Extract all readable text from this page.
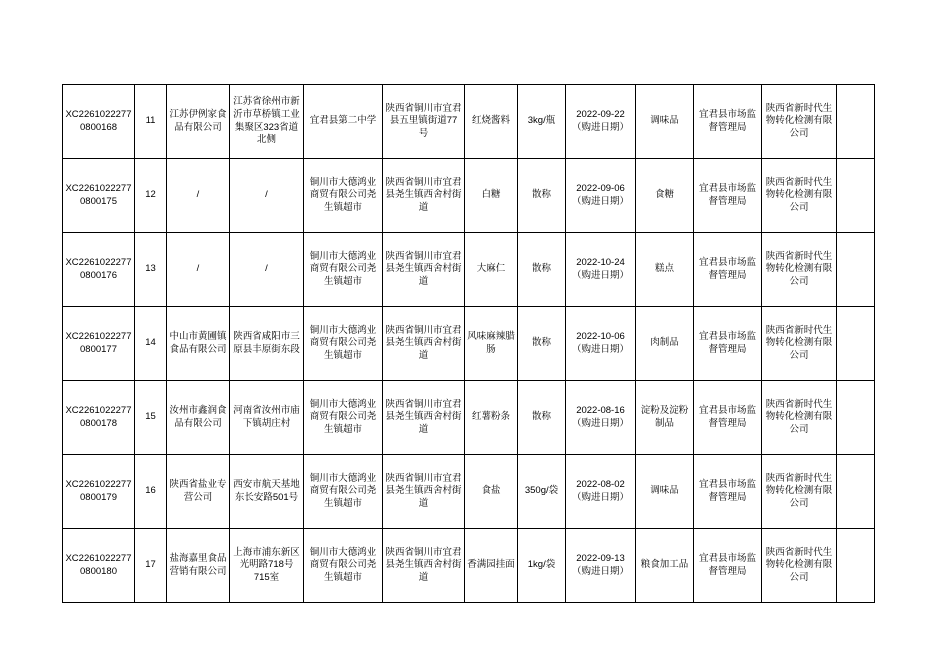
XC22610222770800168	11	江苏伊例家食品有限公司	江苏省徐州市新沂市草桥镇工业集聚区323省道北侧	宜君县第二中学	陕西省铜川市宜君县五里镇街道77号	红烧酱料	3kg/瓶	2022-09-22（购进日期）	调味品	宜君县市场监督管理局	陕西省新时代生物转化检测有限公司	
XC22610222770800175	12	/	/	铜川市大德鸿业商贸有限公司尧生镇超市	陕西省铜川市宜君县尧生镇西舍村街道	白糖	散称	2022-09-06（购进日期）	食糖	宜君县市场监督管理局	陕西省新时代生物转化检测有限公司	
XC22610222770800176	13	/	/	铜川市大德鸿业商贸有限公司尧生镇超市	陕西省铜川市宜君县尧生镇西舍村街道	大麻仁	散称	2022-10-24（购进日期）	糕点	宜君县市场监督管理局	陕西省新时代生物转化检测有限公司	
XC22610222770800177	14	中山市黄圃镇食品有限公司	陕西省咸阳市三原县丰原街东段	铜川市大德鸿业商贸有限公司尧生镇超市	陕西省铜川市宜君县尧生镇西舍村街道	风味麻辣腊肠	散称	2022-10-06（购进日期）	肉制品	宜君县市场监督管理局	陕西省新时代生物转化检测有限公司	
XC22610222770800178	15	汝州市鑫润食品有限公司	河南省汝州市庙下镇胡庄村	铜川市大德鸿业商贸有限公司尧生镇超市	陕西省铜川市宜君县尧生镇西舍村街道	红薯粉条	散称	2022-08-16（购进日期）	淀粉及淀粉制品	宜君县市场监督管理局	陕西省新时代生物转化检测有限公司	
XC22610222770800179	16	陕西省盐业专营公司	西安市航天基地东长安路501号	铜川市大德鸿业商贸有限公司尧生镇超市	陕西省铜川市宜君县尧生镇西舍村街道	食盐	350g/袋	2022-08-02（购进日期）	调味品	宜君县市场监督管理局	陕西省新时代生物转化检测有限公司	
XC22610222770800180	17	盐海嘉里食品营销有限公司	上海市浦东新区光明路718号715室	铜川市大德鸿业商贸有限公司尧生镇超市	陕西省铜川市宜君县尧生镇西舍村街道	香满园挂面	1kg/袋	2022-09-13（购进日期）	粮食加工品	宜君县市场监督管理局	陕西省新时代生物转化检测有限公司	
